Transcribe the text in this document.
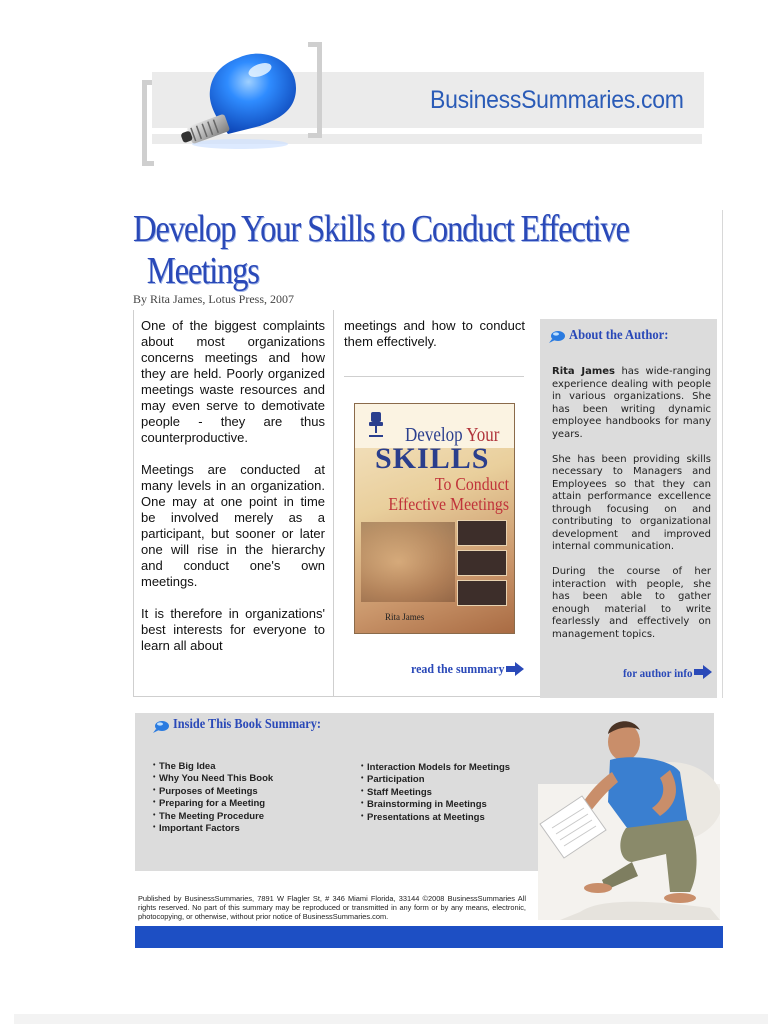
BusinessSummaries.com
Develop Your Skills to Conduct Effective
Meetings
By Rita James, Lotus Press, 2007

One of the biggest complaints about most organizations concerns meetings and how they are held. Poorly organized meetings waste resources and may even serve to demotivate people - they are thus counterproductive.

Meetings are conducted at many levels in an organization. One may at one point in time be involved merely as a participant, but sooner or later one will rise in the hierarchy and conduct one's own meetings.

It is therefore in organizations' best interests for everyone to learn all about

meetings and how to conduct them effectively.

Develop Your
SKILLS
To Conduct
Effective Meetings
Rita James
read the summary
About the Author:

Rita James has wide-ranging experience dealing with people in various organizations. She has been writing dynamic employee handbooks for many years.

She has been providing skills necessary to Managers and Employees so that they can attain performance excellence through focusing on and contributing to organizational development and improved internal communication.

During the course of her interaction with people, she has been able to gather enough material to write fearlessly and effectively on management topics.

for author info
Inside This Book Summary:
• The Big Idea
• Why You Need This Book
• Purposes of Meetings
• Preparing for a Meeting
• The Meeting Procedure
• Important Factors
• Interaction Models for Meetings
• Participation
• Staff Meetings
• Brainstorming in Meetings
• Presentations at Meetings
Published by BusinessSummaries, 7891 W Flagler St, # 346 Miami Florida, 33144 ©2008 BusinessSummaries All rights reserved. No part of this summary may be reproduced or transmitted in any form or by any means, electronic, photocopying, or otherwise, without prior notice of BusinessSummaries.com.
